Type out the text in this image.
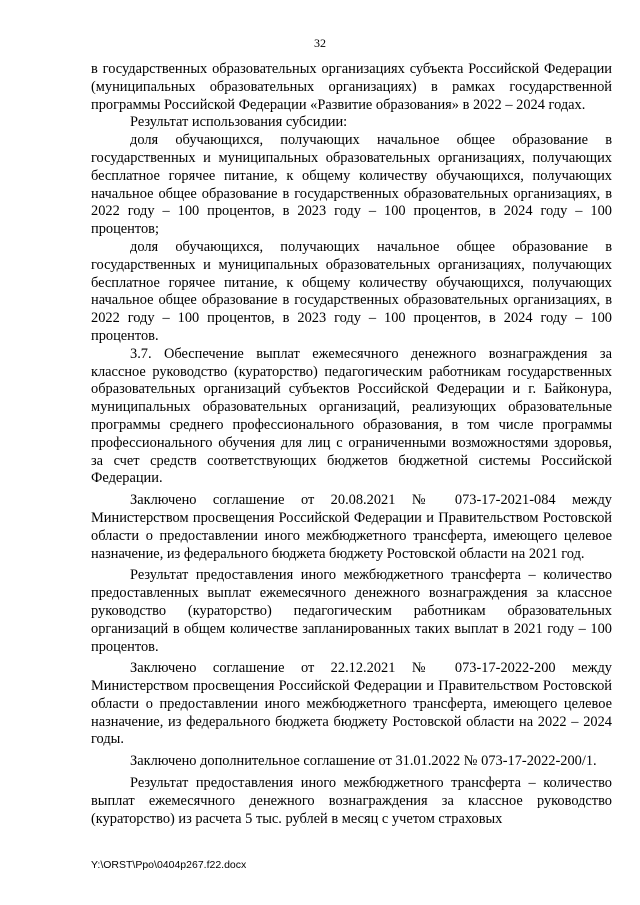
32

в государственных образовательных организациях субъекта Российской Федерации (муниципальных образовательных организациях) в рамках государственной программы Российской Федерации «Развитие образования» в 2022 – 2024 годах.

Результат использования субсидии:

доля обучающихся, получающих начальное общее образование в государственных и муниципальных образовательных организациях, получающих бесплатное горячее питание, к общему количеству обучающихся, получающих начальное общее образование в государственных образовательных организациях, в 2022 году – 100 процентов, в 2023 году – 100 процентов, в 2024 году – 100 процентов;

доля обучающихся, получающих начальное общее образование в государственных и муниципальных образовательных организациях, получающих бесплатное горячее питание, к общему количеству обучающихся, получающих начальное общее образование в государственных образовательных организациях, в 2022 году – 100 процентов, в 2023 году – 100 процентов, в 2024 году – 100 процентов.

3.7. Обеспечение выплат ежемесячного денежного вознаграждения за классное руководство (кураторство) педагогическим работникам государственных образовательных организаций субъектов Российской Федерации и г. Байконура, муниципальных образовательных организаций, реализующих образовательные программы среднего профессионального образования, в том числе программы профессионального обучения для лиц с ограниченными возможностями здоровья, за счет средств соответствующих бюджетов бюджетной системы Российской Федерации.

Заключено соглашение от 20.08.2021 № 073-17-2021-084 между Министерством просвещения Российской Федерации и Правительством Ростовской области о предоставлении иного межбюджетного трансферта, имеющего целевое назначение, из федерального бюджета бюджету Ростовской области на 2021 год.

Результат предоставления иного межбюджетного трансферта – количество предоставленных выплат ежемесячного денежного вознаграждения за классное руководство (кураторство) педагогическим работникам образовательных организаций в общем количестве запланированных таких выплат в 2021 году – 100 процентов.

Заключено соглашение от 22.12.2021 № 073-17-2022-200 между Министерством просвещения Российской Федерации и Правительством Ростовской области о предоставлении иного межбюджетного трансферта, имеющего целевое назначение, из федерального бюджета бюджету Ростовской области на 2022 – 2024 годы.

Заключено дополнительное соглашение от 31.01.2022 № 073-17-2022-200/1.

Результат предоставления иного межбюджетного трансферта – количество выплат ежемесячного денежного вознаграждения за классное руководство (кураторство) из расчета 5 тыс. рублей в месяц с учетом страховых

Y:\ORST\Ppo\0404p267.f22.docx
